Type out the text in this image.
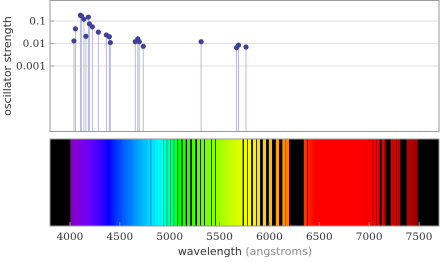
0.1
0.01
0.001
4000 4500 5000 5500 6000 6500 7000 7500
oscillator strength
wavelength (angstroms)
